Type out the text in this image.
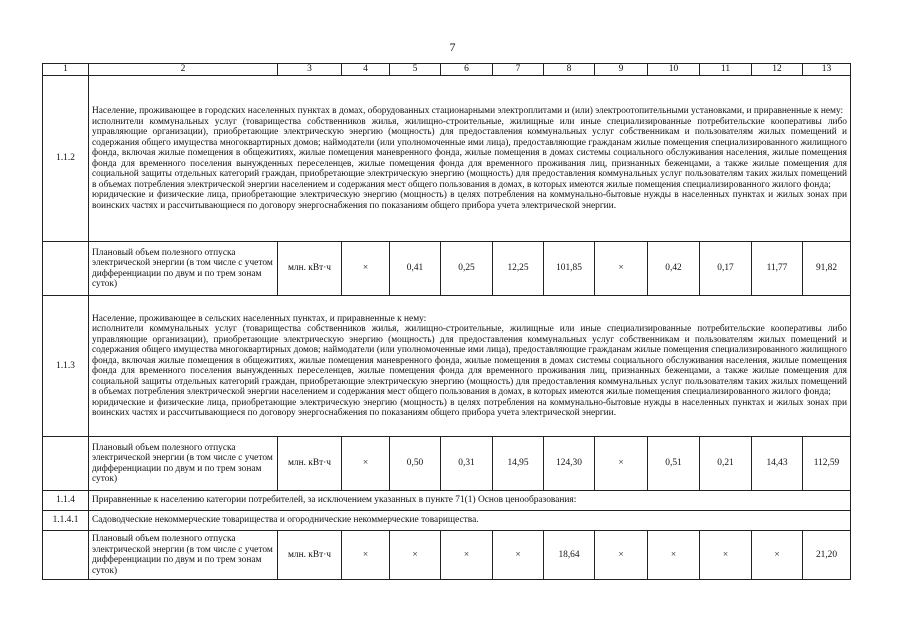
7
1	2	3	4	5	6	7	8	9	10	11	12	13
1.1.2	Население, проживающее в городских населенных пунктах в домах, оборудованных стационарными электроплитами и (или) электроотопительными установками, и приравненные к нему:
исполнители коммунальных услуг (товарищества собственников жилья, жилищно-строительные, жилищные или иные специализированные потребительские кооперативы либо управляющие организации), приобретающие электрическую энергию (мощность) для предоставления коммунальных услуг собственникам и пользователям жилых помещений и содержания общего имущества многоквартирных домов; наймодатели (или уполномоченные ими лица), предоставляющие гражданам жилые помещения специализированного жилищного фонда, включая жилые помещения в общежитиях, жилые помещения маневренного фонда, жилые помещения в домах системы социального обслуживания населения, жилые помещения фонда для временного поселения вынужденных переселенцев, жилые помещения фонда для временного проживания лиц, признанных беженцами, а также жилые помещения для социальной защиты отдельных категорий граждан, приобретающие электрическую энергию (мощность) для предоставления коммунальных услуг пользователям таких жилых помещений в объемах потребления электрической энергии населением и содержания мест общего пользования в домах, в которых имеются жилые помещения специализированного жилого фонда;
юридические и физические лица, приобретающие электрическую энергию (мощность) в целях потребления на коммунально-бытовые нужды в населенных пунктах и жилых зонах при воинских частях и рассчитывающиеся по договору энергоснабжения по показаниям общего прибора учета электрической энергии.											

	Плановый объем полезного отпуска электрической энергии (в том числе с учетом дифференциации по двум и по трем зонам суток)	млн. кВт·ч	×	0,41	0,25	12,25	101,85	×	0,42	0,17	11,77	91,82
1.1.3	Население, проживающее в сельских населенных пунктах, и приравненные к нему:
исполнители коммунальных услуг (товарищества собственников жилья, жилищно-строительные, жилищные или иные специализированные потребительские кооперативы либо управляющие организации), приобретающие электрическую энергию (мощность) для предоставления коммунальных услуг собственникам и пользователям жилых помещений и содержания общего имущества многоквартирных домов; наймодатели (или уполномоченные ими лица), предоставляющие гражданам жилые помещения специализированного жилищного фонда, включая жилые помещения в общежитиях, жилые помещения маневренного фонда, жилые помещения в домах системы социального обслуживания населения, жилые помещения фонда для временного поселения вынужденных переселенцев, жилые помещения фонда для временного проживания лиц, признанных беженцами, а также жилые помещения для социальной защиты отдельных категорий граждан, приобретающие электрическую энергию (мощность) для предоставления коммунальных услуг пользователям таких жилых помещений в объемах потребления электрической энергии населением и содержания мест общего пользования в домах, в которых имеются жилые помещения специализированного жилого фонда;
юридические и физические лица, приобретающие электрическую энергию (мощность) в целях потребления на коммунально-бытовые нужды в населенных пунктах и жилых зонах при воинских частях и рассчитывающиеся по договору энергоснабжения по показаниям общего прибора учета электрической энергии.											

	Плановый объем полезного отпуска электрической энергии (в том числе с учетом дифференциации по двум и по трем зонам суток)	млн. кВт·ч	×	0,50	0,31	14,95	124,30	×	0,51	0,21	14,43	112,59
1.1.4	Приравненные к населению категории потребителей, за исключением указанных в пункте 71(1) Основ ценообразования:											
1.1.4.1	Садоводческие некоммерческие товарищества и огороднические некоммерческие товарищества.											
	Плановый объем полезного отпуска электрической энергии (в том числе с учетом дифференциации по двум и по трем зонам суток)	млн. кВт·ч	×	×	×	×	18,64	×	×	×	×	21,20
